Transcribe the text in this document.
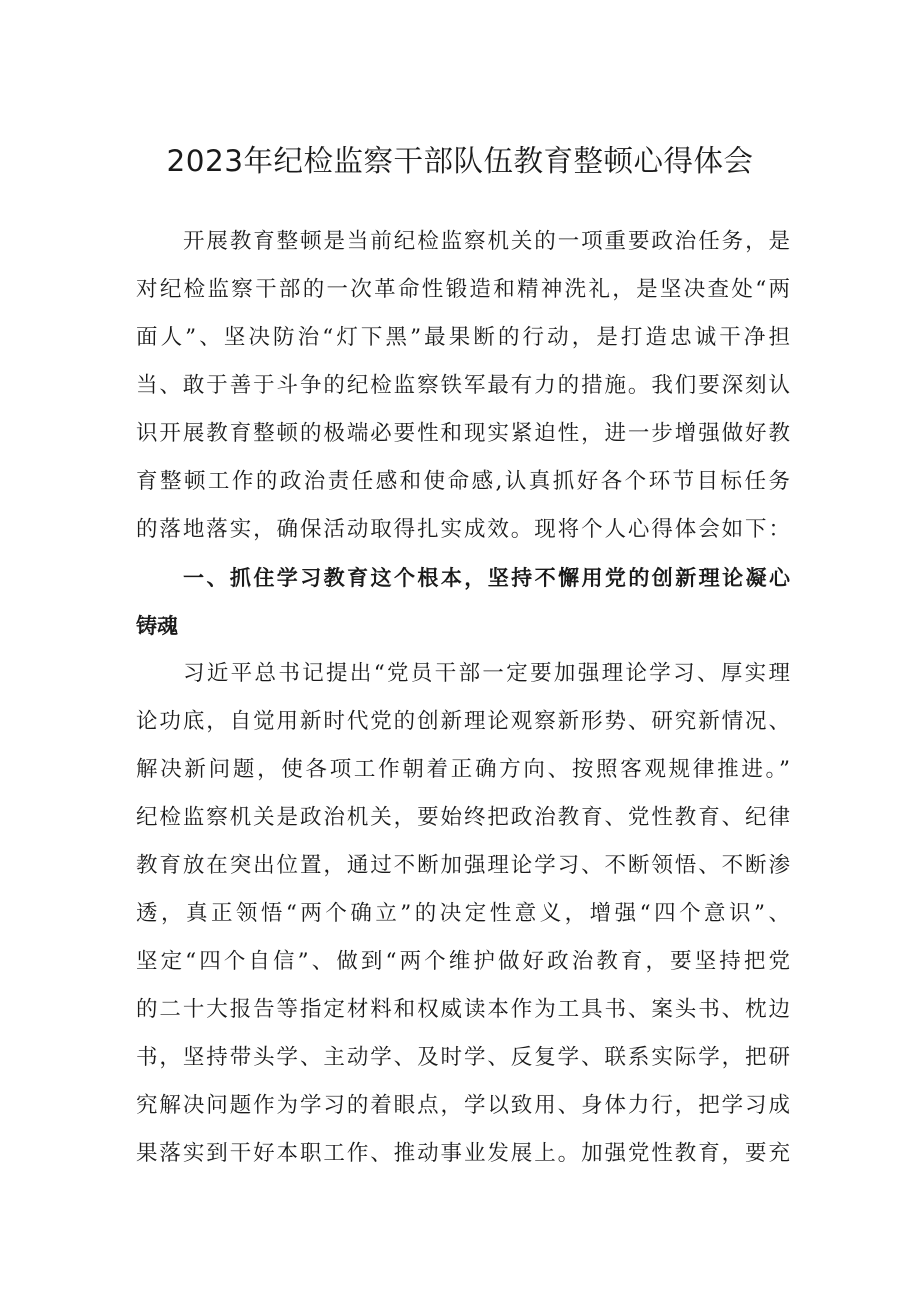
2023年纪检监察干部队伍教育整顿心得体会

开展教育整顿是当前纪检监察机关的一项重要政治任务，是

对纪检监察干部的一次革命性锻造和精神洗礼，是坚决查处“两

面人”、坚决防治“灯下黑”最果断的行动，是打造忠诚干净担

当、敢于善于斗争的纪检监察铁军最有力的措施。我们要深刻认

识开展教育整顿的极端必要性和现实紧迫性，进一步增强做好教

育整顿工作的政治责任感和使命感,认真抓好各个环节目标任务

的落地落实，确保活动取得扎实成效。现将个人心得体会如下：

一、抓住学习教育这个根本，坚持不懈用党的创新理论凝心

铸魂

习近平总书记提出“党员干部一定要加强理论学习、厚实理

论功底，自觉用新时代党的创新理论观察新形势、研究新情况、

解决新问题，使各项工作朝着正确方向、按照客观规律推进。”

纪检监察机关是政治机关，要始终把政治教育、党性教育、纪律

教育放在突出位置，通过不断加强理论学习、不断领悟、不断渗

透，真正领悟“两个确立”的决定性意义，增强“四个意识”、

坚定“四个自信”、做到“两个维护做好政治教育，要坚持把党

的二十大报告等指定材料和权威读本作为工具书、案头书、枕边

书，坚持带头学、主动学、及时学、反复学、联系实际学，把研

究解决问题作为学习的着眼点，学以致用、身体力行，把学习成

果落实到干好本职工作、推动事业发展上。加强党性教育，要充
